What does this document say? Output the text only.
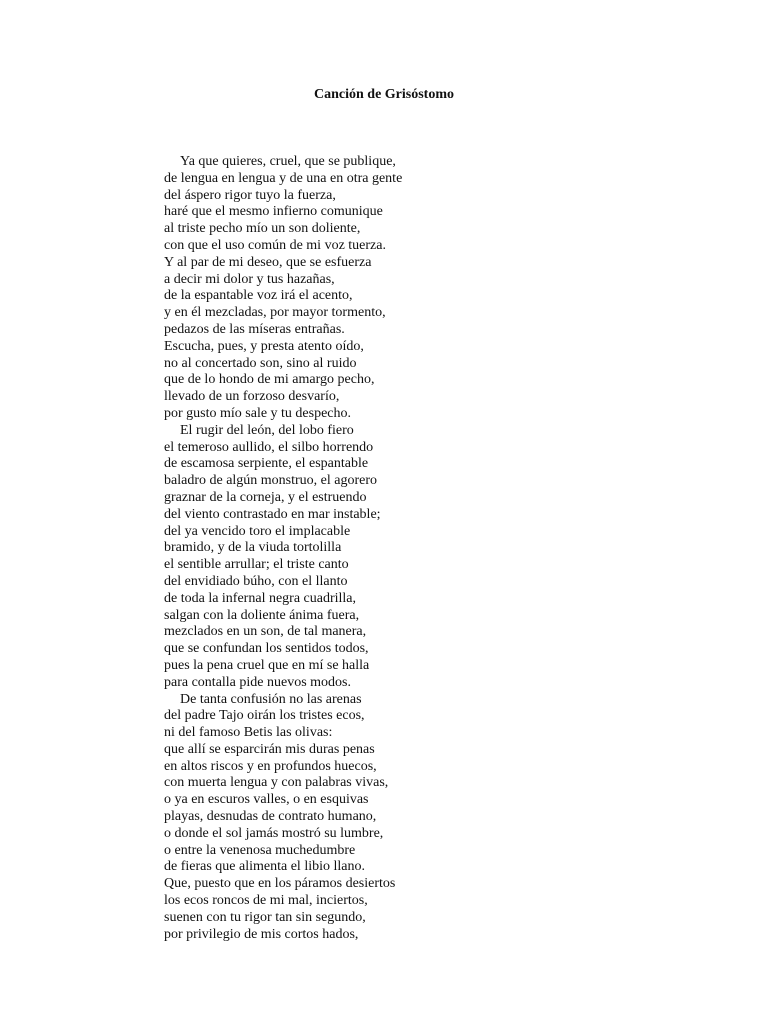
Canción de Grisóstomo
Ya que quieres, cruel, que se publique,
de lengua en lengua y de una en otra gente
del áspero rigor tuyo la fuerza,
haré que el mesmo infierno comunique
al triste pecho mío un son doliente,
con que el uso común de mi voz tuerza.
Y al par de mi deseo, que se esfuerza
a decir mi dolor y tus hazañas,
de la espantable voz irá el acento,
y en él mezcladas, por mayor tormento,
pedazos de las míseras entrañas.
Escucha, pues, y presta atento oído,
no al concertado son, sino al ruido
que de lo hondo de mi amargo pecho,
llevado de un forzoso desvarío,
por gusto mío sale y tu despecho.
El rugir del león, del lobo fiero
el temeroso aullido, el silbo horrendo
de escamosa serpiente, el espantable
baladro de algún monstruo, el agorero
graznar de la corneja, y el estruendo
del viento contrastado en mar instable;
del ya vencido toro el implacable
bramido, y de la viuda tortolilla
el sentible arrullar; el triste canto
del envidiado búho, con el llanto
de toda la infernal negra cuadrilla,
salgan con la doliente ánima fuera,
mezclados en un son, de tal manera,
que se confundan los sentidos todos,
pues la pena cruel que en mí se halla
para contalla pide nuevos modos.
De tanta confusión no las arenas
del padre Tajo oirán los tristes ecos,
ni del famoso Betis las olivas:
que allí se esparcirán mis duras penas
en altos riscos y en profundos huecos,
con muerta lengua y con palabras vivas,
o ya en escuros valles, o en esquivas
playas, desnudas de contrato humano,
o donde el sol jamás mostró su lumbre,
o entre la venenosa muchedumbre
de fieras que alimenta el libio llano.
Que, puesto que en los páramos desiertos
los ecos roncos de mi mal, inciertos,
suenen con tu rigor tan sin segundo,
por privilegio de mis cortos hados,
